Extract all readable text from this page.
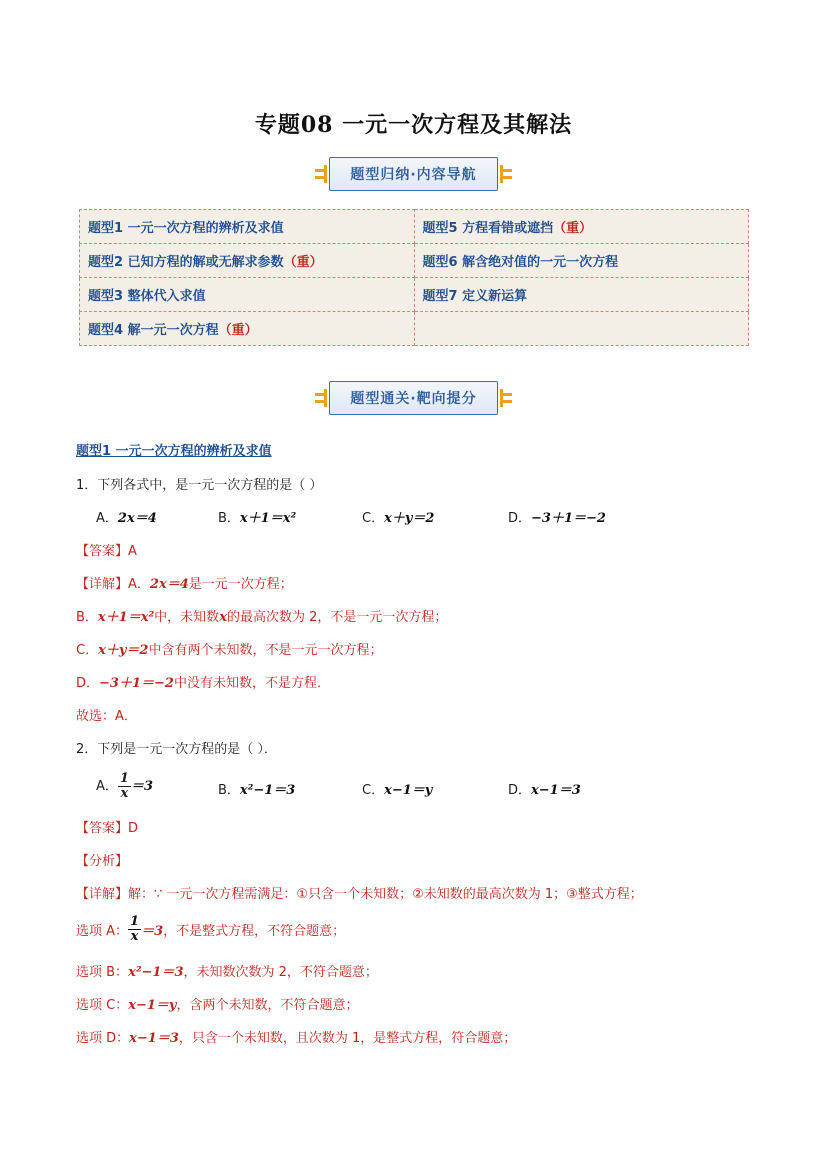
专题08 一元一次方程及其解法
题型归纳·内容导航
题型1 一元一次方程的辨析及求值	题型5 方程看错或遮挡（重）
题型2 已知方程的解或无解求参数（重）	题型6 解含绝对值的一元一次方程
题型3 整体代入求值	题型7 定义新运算
题型4 解一元一次方程（重）	
题型通关·靶向提分
题型1 一元一次方程的辨析及求值
1．下列各式中，是一元一次方程的是（ ）
A．2x＝4	B．x＋1＝x²	C．x＋y＝2	D．−3＋1＝−2
【答案】A
【详解】A．2x＝4是一元一次方程；
B．x＋1＝x²中，未知数x的最高次数为 2，不是一元一次方程；
C．x＋y＝2中含有两个未知数，不是一元一次方程；
D．−3＋1＝−2中没有未知数，不是方程．
故选：A．
2．下列是一元一次方程的是（ ）．
A． $\frac{1}{x} =3$	B．x²−1＝3	C．x−1＝y	D．x−1＝3
【答案】D
【分析】
【详解】解：∵ 一元一次方程需满足：①只含一个未知数；②未知数的最高次数为 1；③整式方程；
选项 A： $\frac{1}{x} =3$ ，不是整式方程，不符合题意；
选项 B：x²−1＝3，未知数次数为 2，不符合题意；
选项 C：x−1＝y，含两个未知数，不符合题意；
选项 D：x−1＝3，只含一个未知数，且次数为 1，是整式方程，符合题意；
